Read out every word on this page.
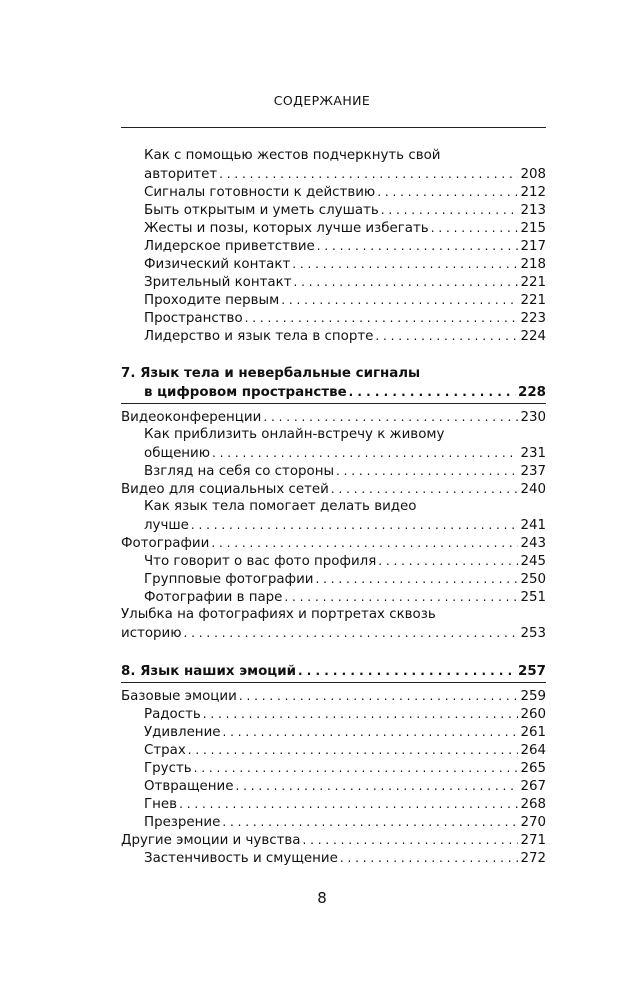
СОДЕРЖАНИЕ
Как с помощью жестов подчеркнуть свой
авторитет . . .	208
Сигналы готовности к действию . . .	212
Быть открытым и уметь слушать . . .	213
Жесты и позы, которых лучше избегать . . .	215
Лидерское приветствие . . .	217
Физический контакт . . .	218
Зрительный контакт . . .	221
Проходите первым . . .	221
Пространство . . .	223
Лидерство и язык тела в спорте . . .	224
7. Язык тела и невербальные сигналы
в цифровом пространстве . . .	228
Видеоконференции . . .	230
Как приблизить онлайн-встречу к живому
общению . . .	231
Взгляд на себя со стороны . . .	237
Видео для социальных сетей . . .	240
Как язык тела помогает делать видео
лучше . . .	241
Фотографии . . .	243
Что говорит о вас фото профиля . . .	245
Групповые фотографии . . .	250
Фотографии в паре . . .	251
Улыбка на фотографиях и портретах сквозь
историю . . .	253
8. Язык наших эмоций . . .	257
Базовые эмоции . . .	259
Радость . . .	260
Удивление . . .	261
Страх . . .	264
Грусть . . .	265
Отвращение . . .	267
Гнев . . .	268
Презрение . . .	270
Другие эмоции и чувства . . .	271
Застенчивость и смущение . . .	272
8
